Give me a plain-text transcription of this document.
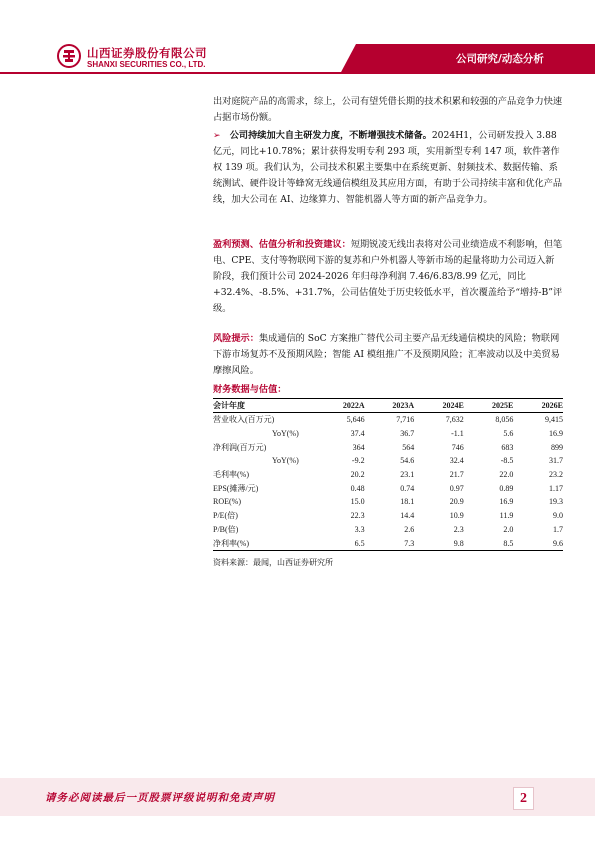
山西证券股份有限公司
SHANXI SECURITIES CO., LTD.	公司研究/动态分析
出对庭院产品的高需求，综上，公司有望凭借长期的技术积累和较强的产品竞争力快速占据市场份额。
➢ 公司持续加大自主研发力度，不断增强技术储备。2024H1，公司研发投入 3.88 亿元，同比+10.78%；累计获得发明专利 293 项，实用新型专利 147 项，软件著作权 139 项。我们认为，公司技术积累主要集中在系统更新、射频技术、数据传输、系统测试、硬件设计等蜂窝无线通信模组及其应用方面，有助于公司持续丰富和优化产品线，加大公司在 AI、边缘算力、智能机器人等方面的新产品竞争力。
盈利预测、估值分析和投资建议：短期锐凌无线出表将对公司业绩造成不利影响，但笔电、CPE、支付等物联网下游的复苏和户外机器人等新市场的起量将助力公司迈入新阶段，我们预计公司 2024-2026 年归母净利润 7.46/6.83/8.99 亿元，同比+32.4%、-8.5%、+31.7%，公司估值处于历史较低水平，首次覆盖给予“增持-B”评级。
风险提示：集成通信的 SoC 方案推广替代公司主要产品无线通信模块的风险；物联网下游市场复苏不及预期风险；智能 AI 模组推广不及预期风险；汇率波动以及中美贸易摩擦风险。
财务数据与估值：
会计年度	2022A	2023A	2024E	2025E	2026E
营业收入(百万元)	5,646	7,716	7,632	8,056	9,415
YoY(%)	37.4	36.7	-1.1	5.6	16.9
净利润(百万元)	364	564	746	683	899
YoY(%)	-9.2	54.6	32.4	-8.5	31.7
毛利率(%)	20.2	23.1	21.7	22.0	23.2
EPS(摊薄/元)	0.48	0.74	0.97	0.89	1.17
ROE(%)	15.0	18.1	20.9	16.9	19.3
P/E(倍)	22.3	14.4	10.9	11.9	9.0
P/B(倍)	3.3	2.6	2.3	2.0	1.7
净利率(%)	6.5	7.3	9.8	8.5	9.6
资料来源：最闻，山西证券研究所
请务必阅读最后一页股票评级说明和免责声明	2
